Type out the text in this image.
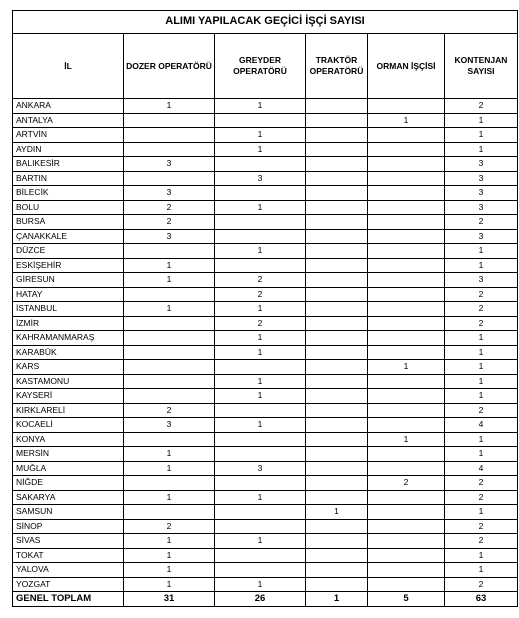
ALIMI YAPILACAK GEÇİCİ İŞÇİ SAYISI					
İL	DOZER OPERATÖRÜ	GREYDER OPERATÖRÜ	TRAKTÖR OPERATÖRÜ	ORMAN İŞÇİSİ	KONTENJAN SAYISI
ANKARA	1	1			2
ANTALYA				1	1
ARTVİN		1			1
AYDIN		1			1
BALIKESİR	3				3
BARTIN		3			3
BİLECİK	3				3
BOLU	2	1			3
BURSA	2				2
ÇANAKKALE	3				3
DÜZCE		1			1
ESKİŞEHİR	1				1
GİRESUN	1	2			3
HATAY		2			2
İSTANBUL	1	1			2
İZMİR		2			2
KAHRAMANMARAŞ		1			1
KARABÜK		1			1
KARS				1	1
KASTAMONU		1			1
KAYSERİ		1			1
KIRKLARELİ	2				2
KOCAELİ	3	1			4
KONYA				1	1
MERSİN	1				1
MUĞLA	1	3			4
NİĞDE				2	2
SAKARYA	1	1			2
SAMSUN			1		1
SİNOP	2				2
SİVAS	1	1			2
TOKAT	1				1
YALOVA	1				1
YOZGAT	1	1			2
GENEL TOPLAM	31	26	1	5	63
